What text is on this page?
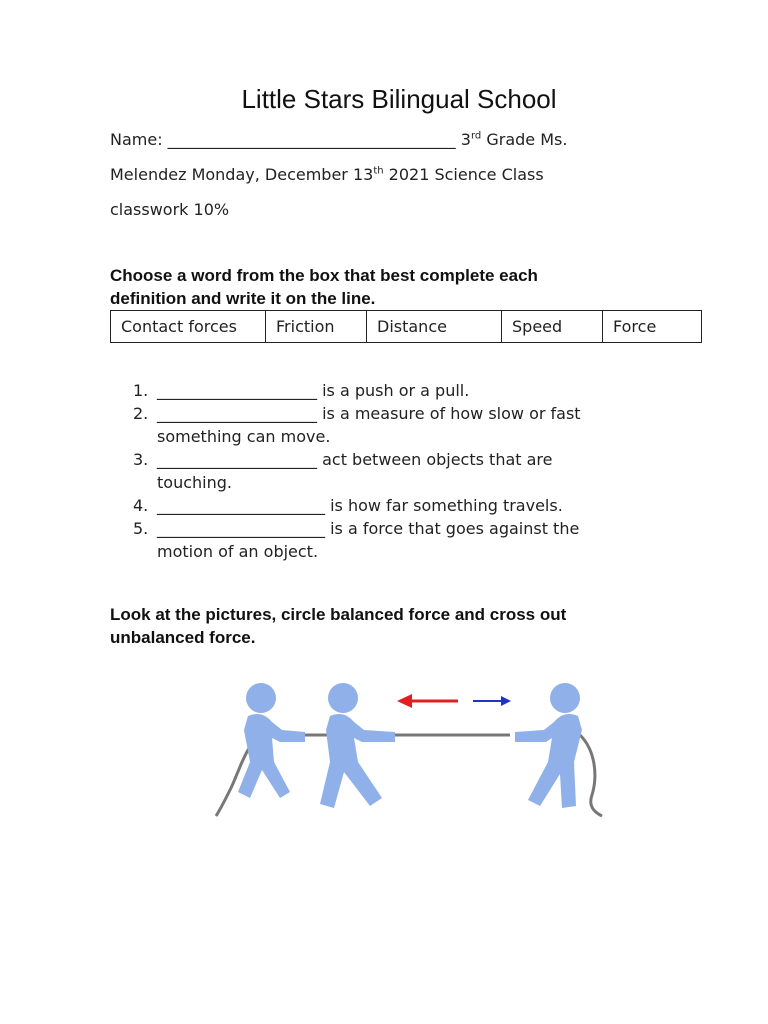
Little Stars Bilingual School
Name: ____________________________________ 3rd Grade Ms.
Melendez Monday, December 13th 2021 Science Class
classwork 10%
Choose a word from the box that best complete each
definition and write it on the line.
Contact forces	Friction	Distance	Speed	Force
1. ____________________ is a push or a pull.
2. ____________________ is a measure of how slow or fast
something can move.
3. ____________________ act between objects that are
touching.
4. _____________________ is how far something travels.
5. _____________________ is a force that goes against the
motion of an object.
Look at the pictures, circle balanced force and cross out
unbalanced force.
